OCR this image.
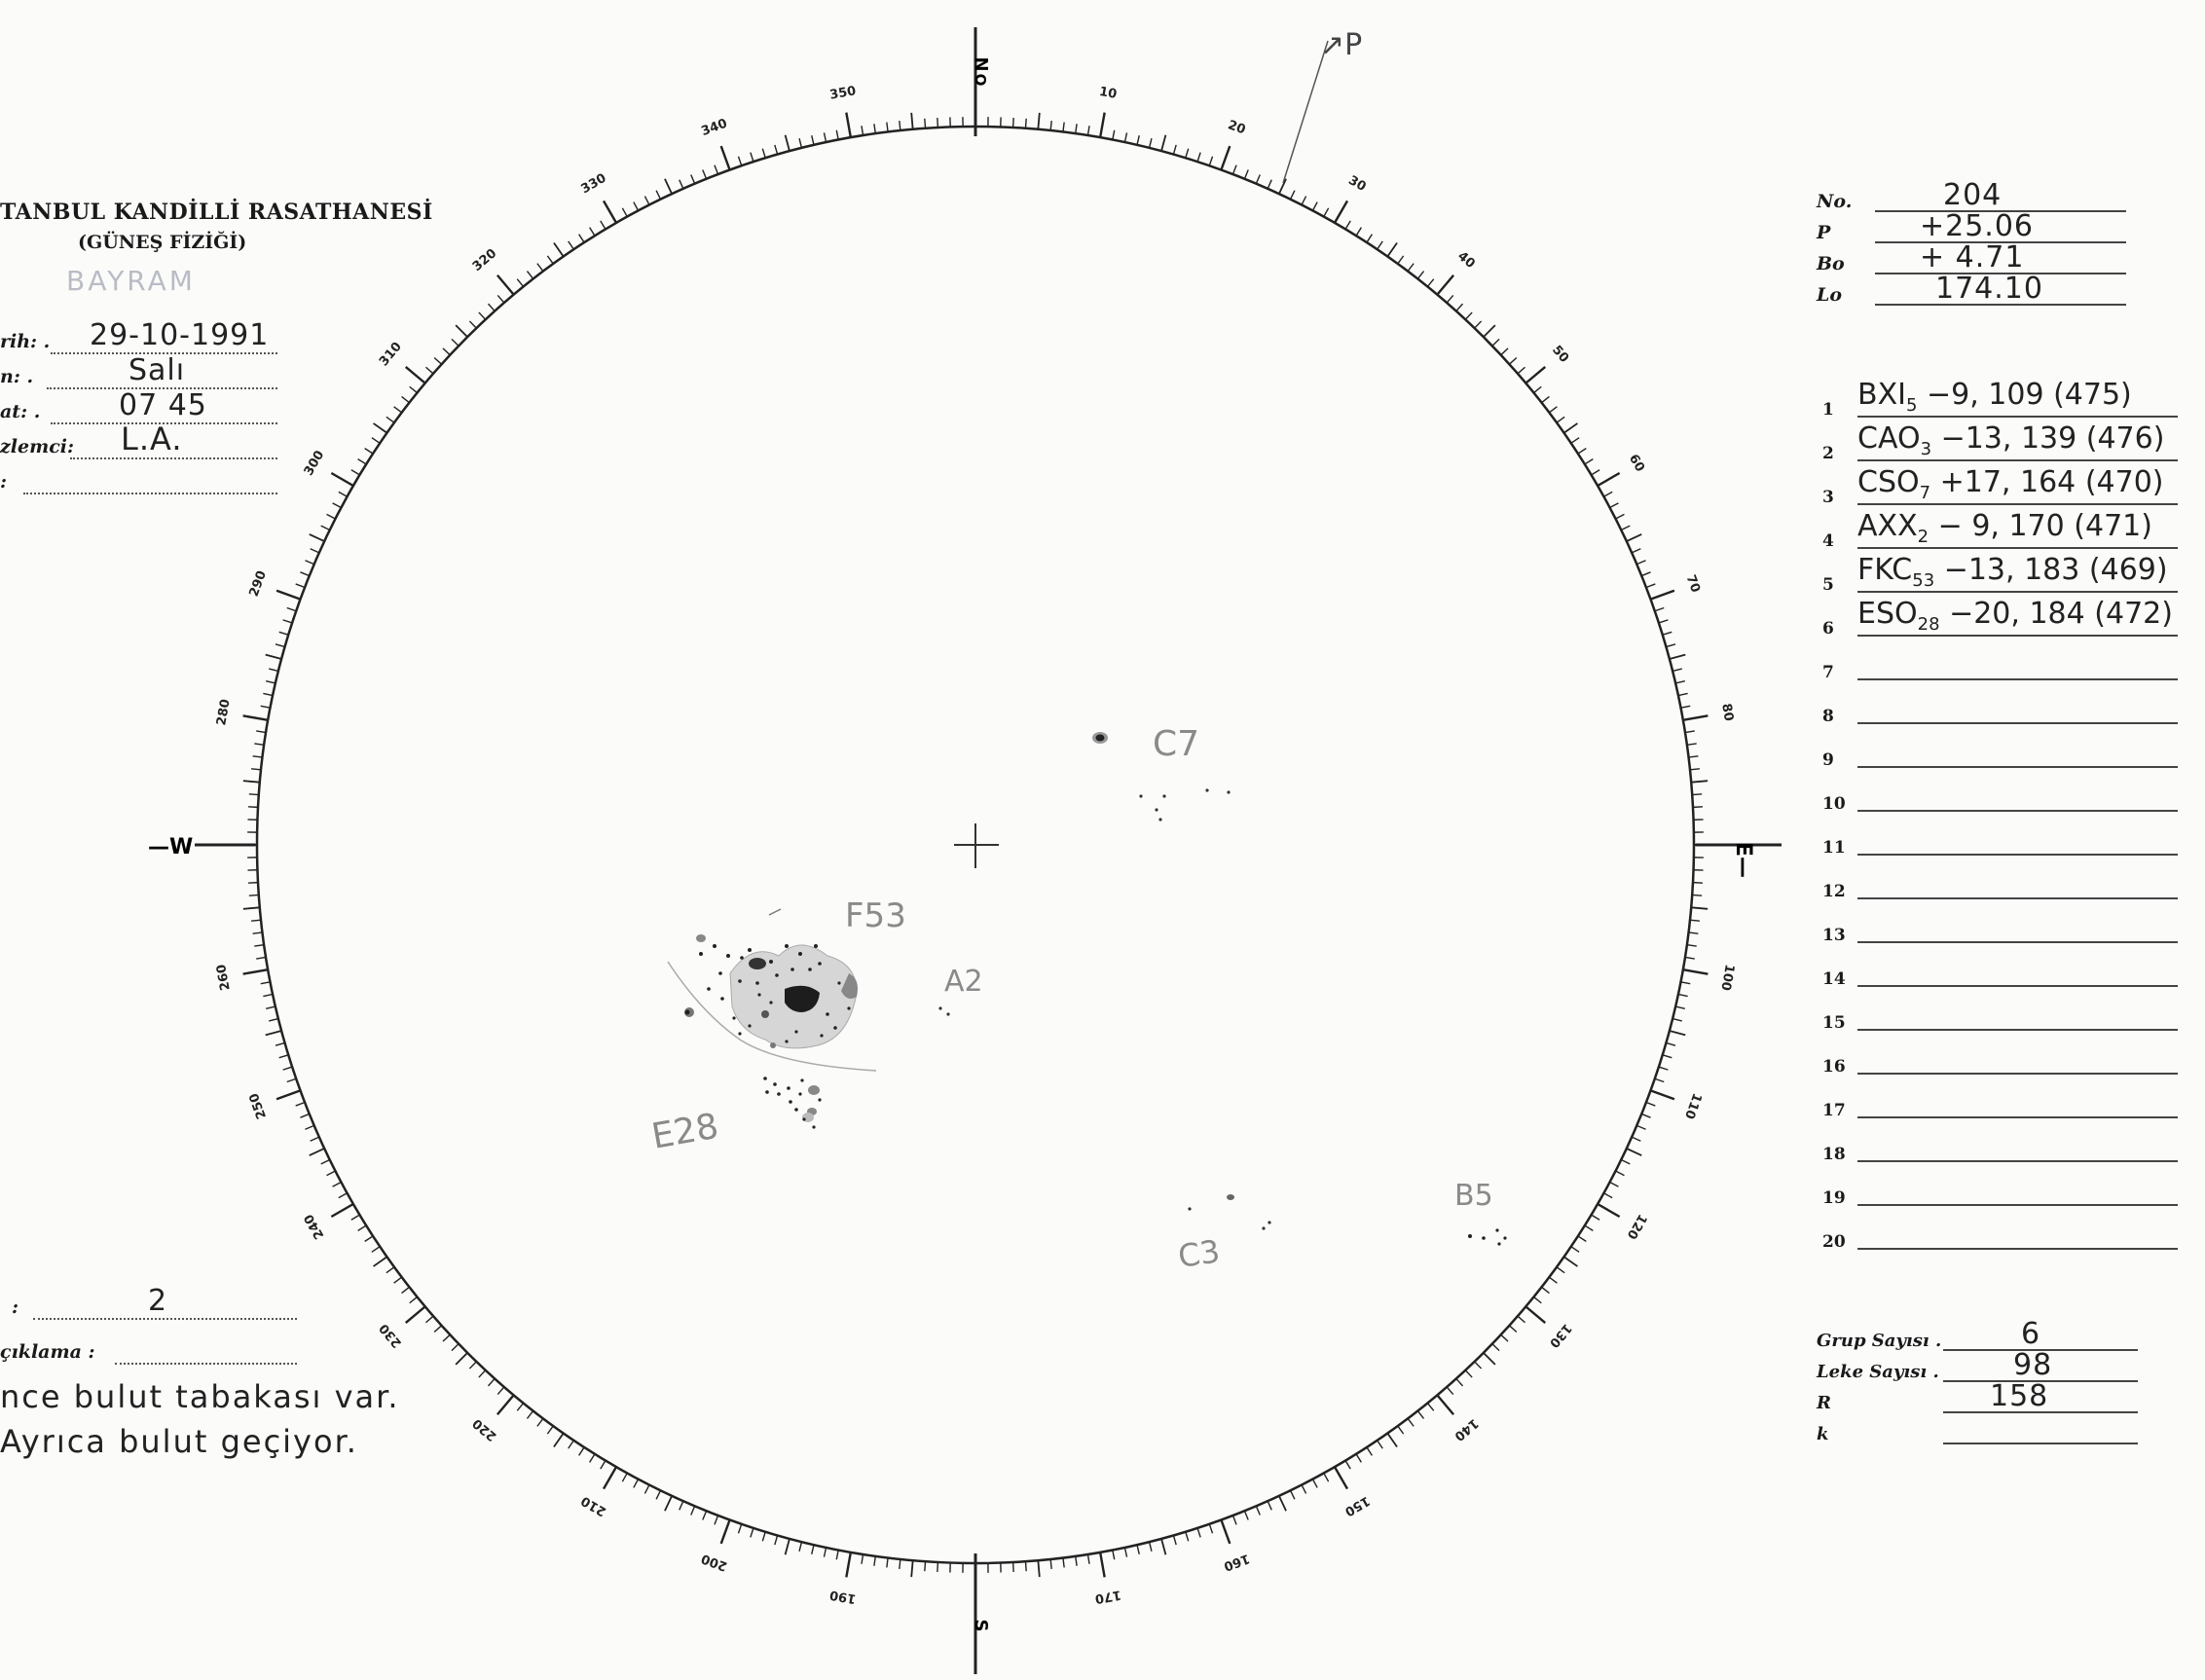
TANBUL KANDİLLİ RASATHANESİ
(GÜNEŞ FİZİĞİ)
BAYRAM
rih: . 29-10-1991
n: .	Salı
at: .	07 45
zlemci: L.A.
:
:	2
çıklama :
nce bulut tabakası var.
Ayrıca bulut geçiyor.
No.	204
P	+25.06
Bo	+ 4.71
Lo	174.10
1 $BXI_5 -9$, 109 (475)
2 $CAO_3 -13$, 139 (476)
3 $CSO_7 +17$, 164 (470)
4 $AXX_2 - 9$, 170 (471)
5 $FKC_{53} -13$, 183 (469)
6 $ESO_{28} -20$, 184 (472)
7
8
9
10
11
12
13
14
15
16
17
18
19
20
Grup Sayısı .	6
Leke Sayısı .	98
R	158
k
10
20
30
40
50
60
70
80
100
110
120
130
140
150
160
170
190
200
210
220
230
240
250
260
280
290
300
310
320
330
340
350
N
O
S
—W	E—
↗P
C7
F53
A2
E28
B5
C3
